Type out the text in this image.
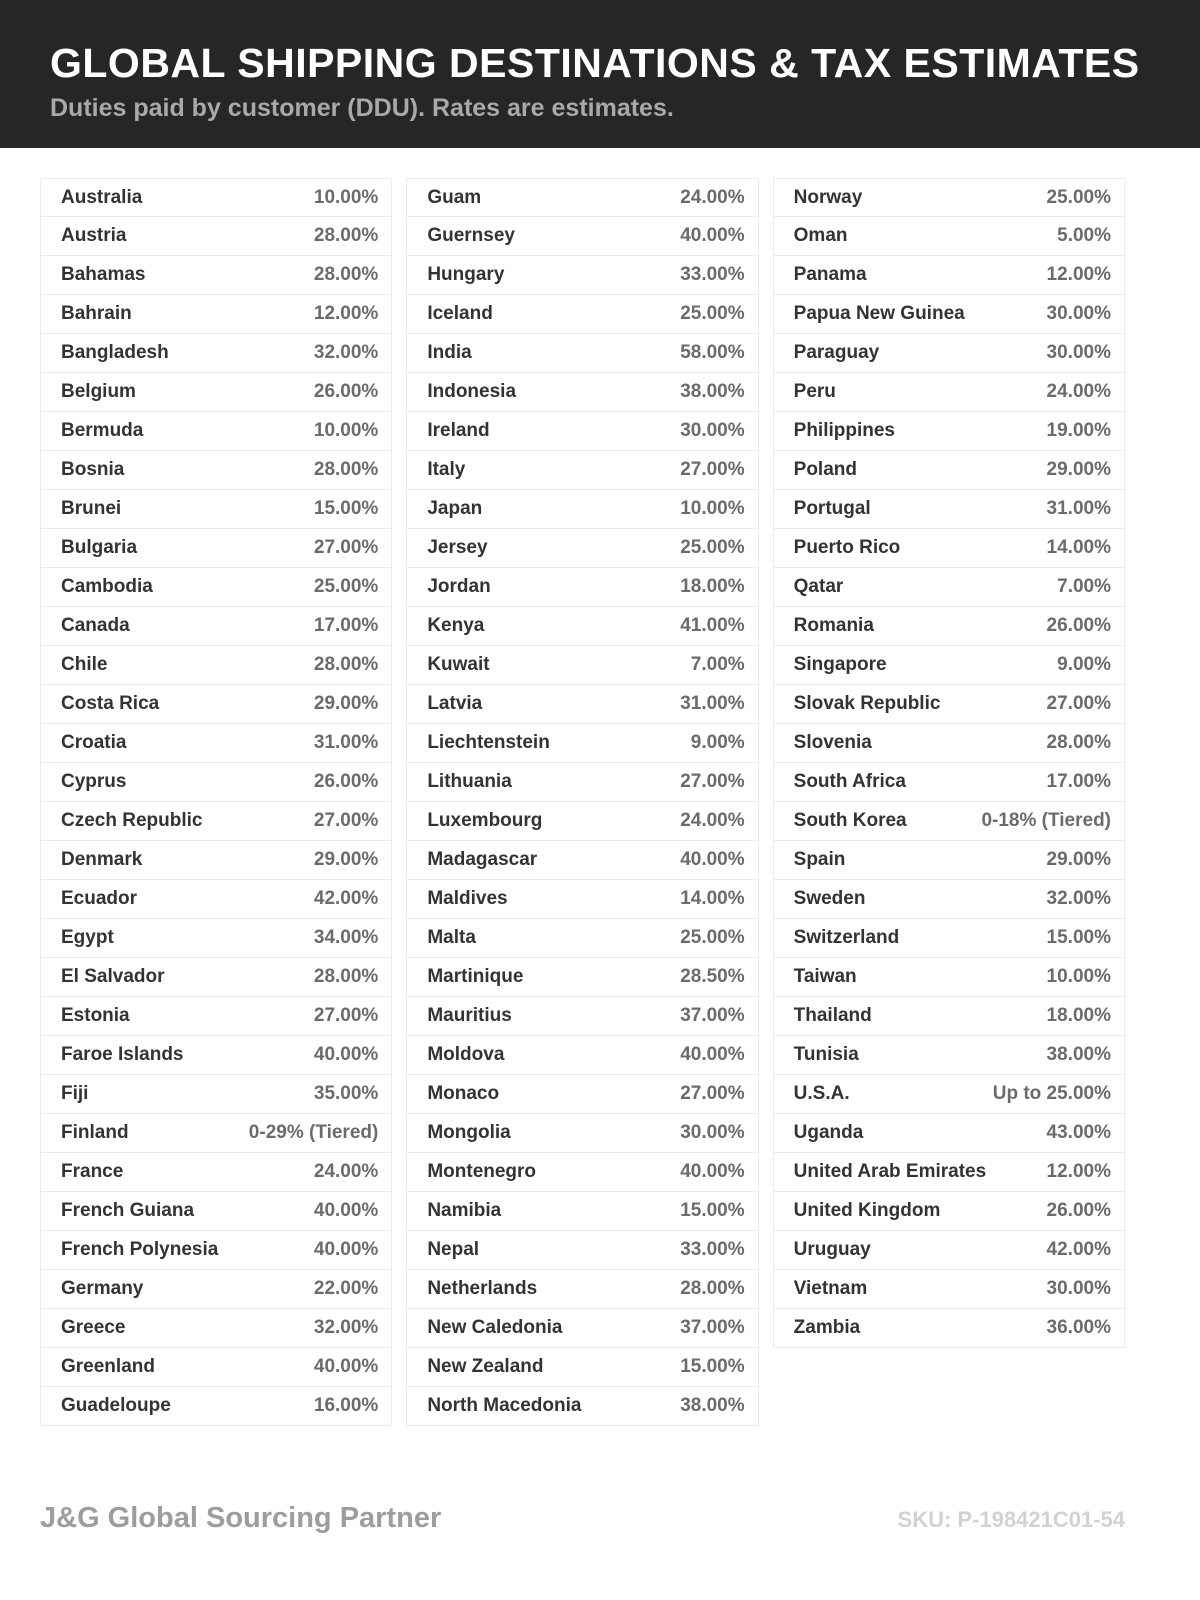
GLOBAL SHIPPING DESTINATIONS & TAX ESTIMATES

Duties paid by customer (DDU). Rates are estimates.

Australia	10.00%
Austria	28.00%
Bahamas	28.00%
Bahrain	12.00%
Bangladesh	32.00%
Belgium	26.00%
Bermuda	10.00%
Bosnia	28.00%
Brunei	15.00%
Bulgaria	27.00%
Cambodia	25.00%
Canada	17.00%
Chile	28.00%
Costa Rica	29.00%
Croatia	31.00%
Cyprus	26.00%
Czech Republic	27.00%
Denmark	29.00%
Ecuador	42.00%
Egypt	34.00%
El Salvador	28.00%
Estonia	27.00%
Faroe Islands	40.00%
Fiji	35.00%
Finland	0-29% (Tiered)
France	24.00%
French Guiana	40.00%
French Polynesia	40.00%
Germany	22.00%
Greece	32.00%
Greenland	40.00%
Guadeloupe	16.00%
Guam	24.00%
Guernsey	40.00%
Hungary	33.00%
Iceland	25.00%
India	58.00%
Indonesia	38.00%
Ireland	30.00%
Italy	27.00%
Japan	10.00%
Jersey	25.00%
Jordan	18.00%
Kenya	41.00%
Kuwait	7.00%
Latvia	31.00%
Liechtenstein	9.00%
Lithuania	27.00%
Luxembourg	24.00%
Madagascar	40.00%
Maldives	14.00%
Malta	25.00%
Martinique	28.50%
Mauritius	37.00%
Moldova	40.00%
Monaco	27.00%
Mongolia	30.00%
Montenegro	40.00%
Namibia	15.00%
Nepal	33.00%
Netherlands	28.00%
New Caledonia	37.00%
New Zealand	15.00%
North Macedonia	38.00%
Norway	25.00%
Oman	5.00%
Panama	12.00%
Papua New Guinea	30.00%
Paraguay	30.00%
Peru	24.00%
Philippines	19.00%
Poland	29.00%
Portugal	31.00%
Puerto Rico	14.00%
Qatar	7.00%
Romania	26.00%
Singapore	9.00%
Slovak Republic	27.00%
Slovenia	28.00%
South Africa	17.00%
South Korea	0-18% (Tiered)
Spain	29.00%
Sweden	32.00%
Switzerland	15.00%
Taiwan	10.00%
Thailand	18.00%
Tunisia	38.00%
U.S.A.	Up to 25.00%
Uganda	43.00%
United Arab Emirates	12.00%
United Kingdom	26.00%
Uruguay	42.00%
Vietnam	30.00%
Zambia	36.00%
J&G Global Sourcing Partner	SKU: P-198421C01-54
